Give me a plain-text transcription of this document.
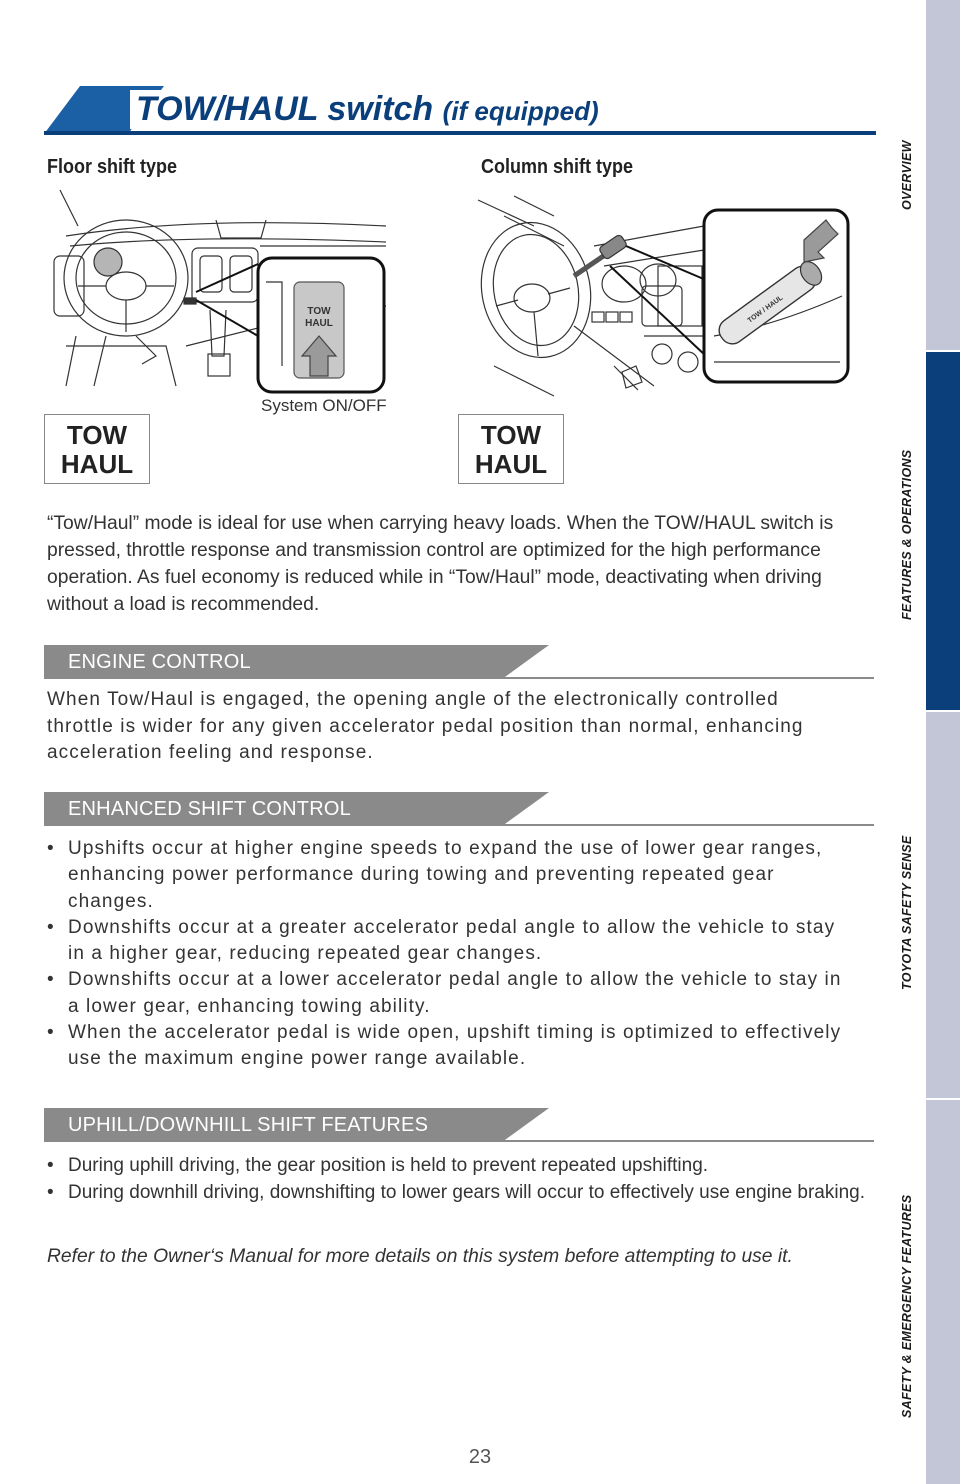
TOW/HAUL switch (if equipped)
Floor shift type	Column shift type
TOW
HAUL
System ON/OFF
TOW / HAUL
TOW
HAUL
TOW
HAUL

“Tow/Haul” mode is ideal for use when carrying heavy loads. When the TOW/HAUL switch is pressed, throttle response and transmission control are optimized for the high performance operation. As fuel economy is reduced while in “Tow/Haul” mode, deactivating when driving without a load is recommended.

ENGINE CONTROL

When Tow/Haul is engaged, the opening angle of the electronically controlled throttle is wider for any given accelerator pedal position than normal, enhancing acceleration feeling and response.

ENHANCED SHIFT CONTROL
• Upshifts occur at higher engine speeds to expand the use of lower gear ranges, enhancing power performance during towing and preventing repeated gear changes.
• Downshifts occur at a greater accelerator pedal angle to allow the vehicle to stay in a higher gear, reducing repeated gear changes.
• Downshifts occur at a lower accelerator pedal angle to allow the vehicle to stay in a lower gear, enhancing towing ability.
• When the accelerator pedal is wide open, upshift timing is optimized to effectively use the maximum engine power range available.
UPHILL/DOWNHILL SHIFT FEATURES
• During uphill driving, the gear position is held to prevent repeated upshifting.
• During downhill driving, downshifting to lower gears will occur to effectively use engine braking.

Refer to the Owner‘s Manual for more details on this system before attempting to use it.

23
OVERVIEW
FEATURES & OPERATIONS
TOYOTA SAFETY SENSE
SAFETY & EMERGENCY FEATURES
